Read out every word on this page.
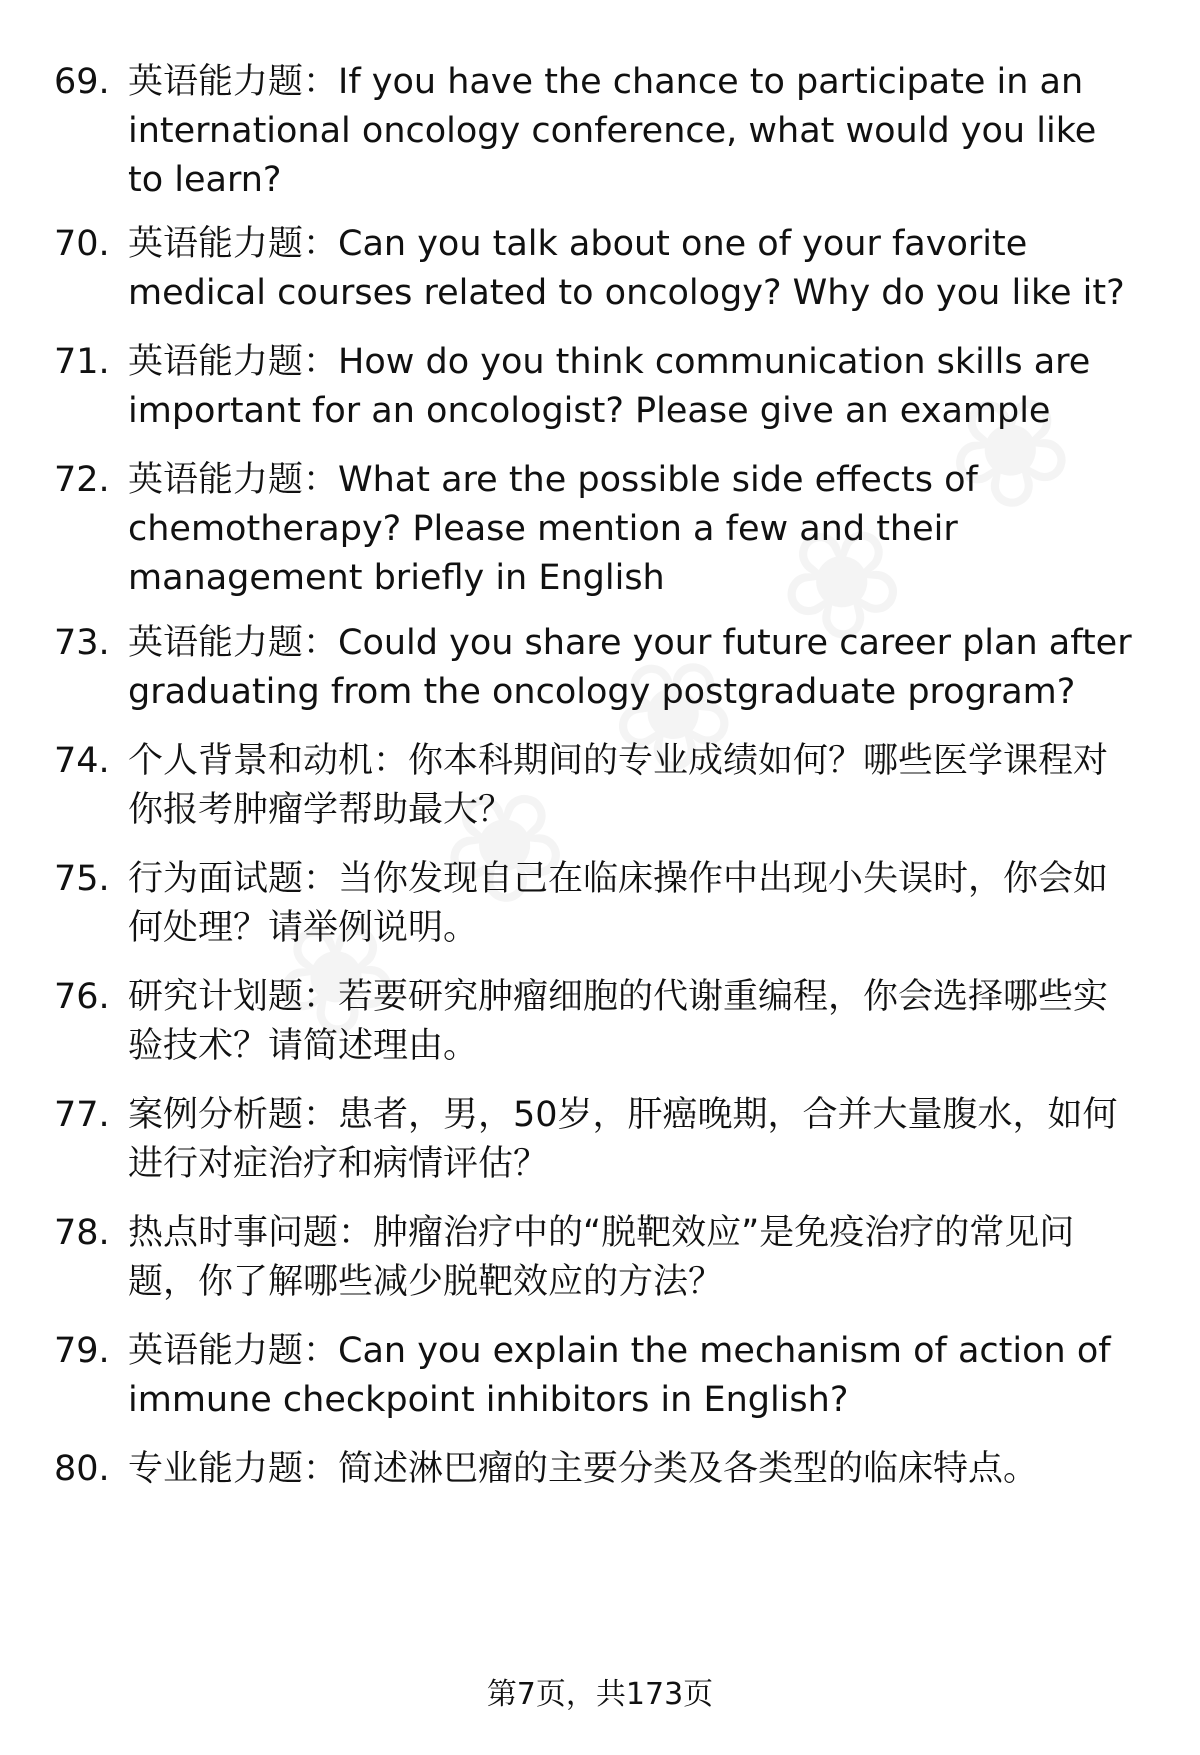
69. 英语能力题：If you have the chance to participate in an international oncology conference, what would you like to learn?
70. 英语能力题：Can you talk about one of your favorite medical courses related to oncology? Why do you like it?
71. 英语能力题：How do you think communication skills are important for an oncologist? Please give an example
72. 英语能力题：What are the possible side effects of chemotherapy? Please mention a few and their management briefly in English
73. 英语能力题：Could you share your future career plan after graduating from the oncology postgraduate program?
74. 个人背景和动机：你本科期间的专业成绩如何？哪些医学课程对你报考肿瘤学帮助最大？
75. 行为面试题：当你发现自己在临床操作中出现小失误时，你会如何处理？请举例说明。
76. 研究计划题：若要研究肿瘤细胞的代谢重编程，你会选择哪些实验技术？请简述理由。
77. 案例分析题：患者，男，50岁，肝癌晚期，合并大量腹水，如何进行对症治疗和病情评估？
78. 热点时事问题：肿瘤治疗中的“脱靶效应”是免疫治疗的常见问题，你了解哪些减少脱靶效应的方法？
79. 英语能力题：Can you explain the mechanism of action of immune checkpoint inhibitors in English?
80. 专业能力题：简述淋巴瘤的主要分类及各类型的临床特点。
第7页，共173页
